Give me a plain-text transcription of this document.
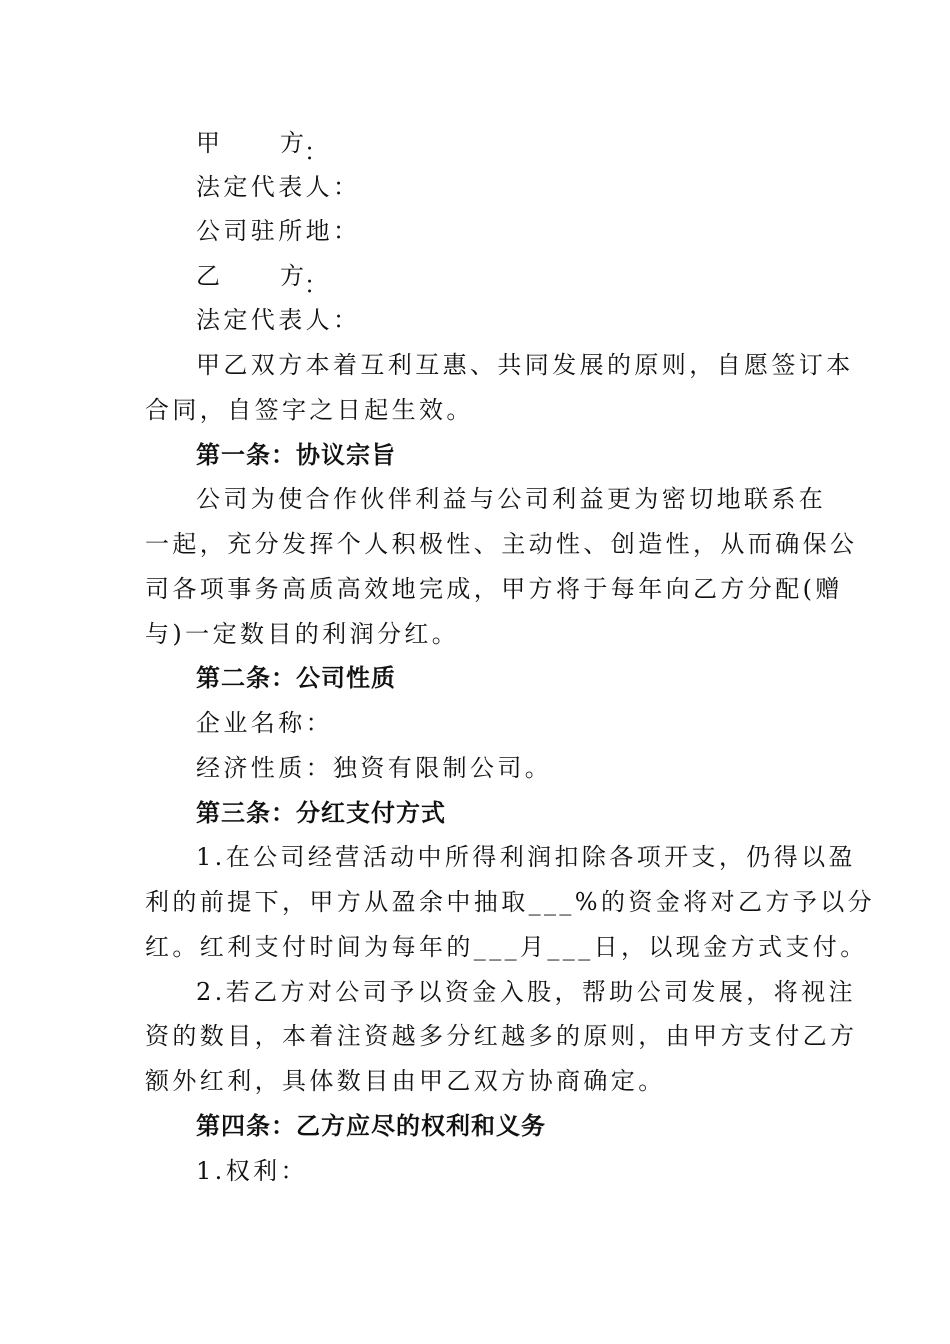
甲	方 ：
法定代表人：
公司驻所地：
乙	方 ：
法定代表人：
甲乙双方本着互利互惠、共同发展的原则，自愿签订本
合同，自签字之日起生效。
第一条：协议宗旨
公司为使合作伙伴利益与公司利益更为密切地联系在
一起，充分发挥个人积极性、主动性、创造性，从而确保公
司各项事务高质高效地完成，甲方将于每年向乙方分配(赠
与)一定数目的利润分红。
第二条：公司性质
企业名称：
经济性质：独资有限制公司。
第三条：分红支付方式
1.在公司经营活动中所得利润扣除各项开支，仍得以盈
利的前提下，甲方从盈余中抽取___%的资金将对乙方予以分
红。红利支付时间为每年的___月___日，以现金方式支付。
2.若乙方对公司予以资金入股，帮助公司发展，将视注
资的数目，本着注资越多分红越多的原则，由甲方支付乙方
额外红利，具体数目由甲乙双方协商确定。
第四条：乙方应尽的权利和义务
1.权利：
